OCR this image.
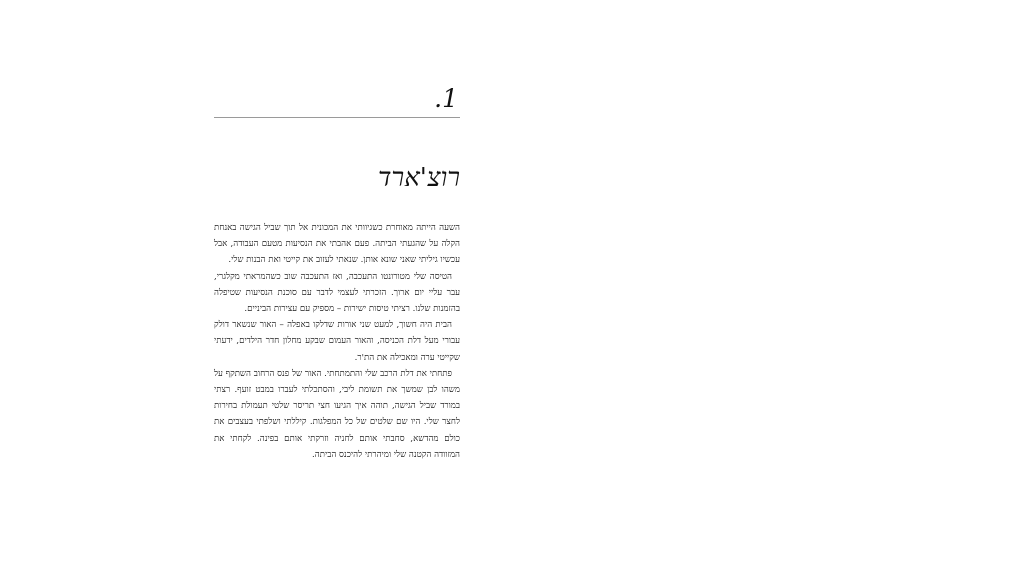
1.
רוצ'ארד

השעה הייתה מאוחרת כשגיוותי את המכונית אל תוך שביל הגישה באנחת הקלה על שהגעתי הביתה. פעם אהבתי את הנסיעות מטעם העבודה, אבל עכשיו גיליתי שאני שונא אותן. שנאתי לעזוב את קייטי ואת הבנות שלי.

הטיסה שלי מטורונטו התעכבה, ואז התעכבה שוב כשהמראתי מקלגרי, עבר עליי יום ארוך. הזכרתי לעצמי לדבר עם סוכנת הנסיעות שטיפלה בהזמנות שלנו. רציתי טיסות ישירות – מספיק עם עצירות הביניים.

הבית היה חשוך, למעט שני אורות שדלקו באפלה – האור שנשאר דולק עבורי מעל דלת הכניסה, והאור העמום שבקע מחלון חדר הילדים, ידעתי שקייטי ערה ומאכילה את הת'ר.

פתחתי את דלת הרכב שלי והתמתחתי. האור של פנס הרחוב השתקף על משהו לבן שמשך את תשומת ליבי, והסתכלתי לעברו במבט זועף. רצתי במורד שביל הגישה, תוהה איך הגיעו חצי תריסר שלטי תעמולת בחירות לחצר שלי. היו שם שלטים של כל המפלגות. קיללתי ושלפתי בעצבים את כולם מהדשא, סחבתי אותם לחניה וזרקתי אותם בפינה. לקחתי את המזוודה הקטנה שלי ומיהרתי להיכנס הביתה.
